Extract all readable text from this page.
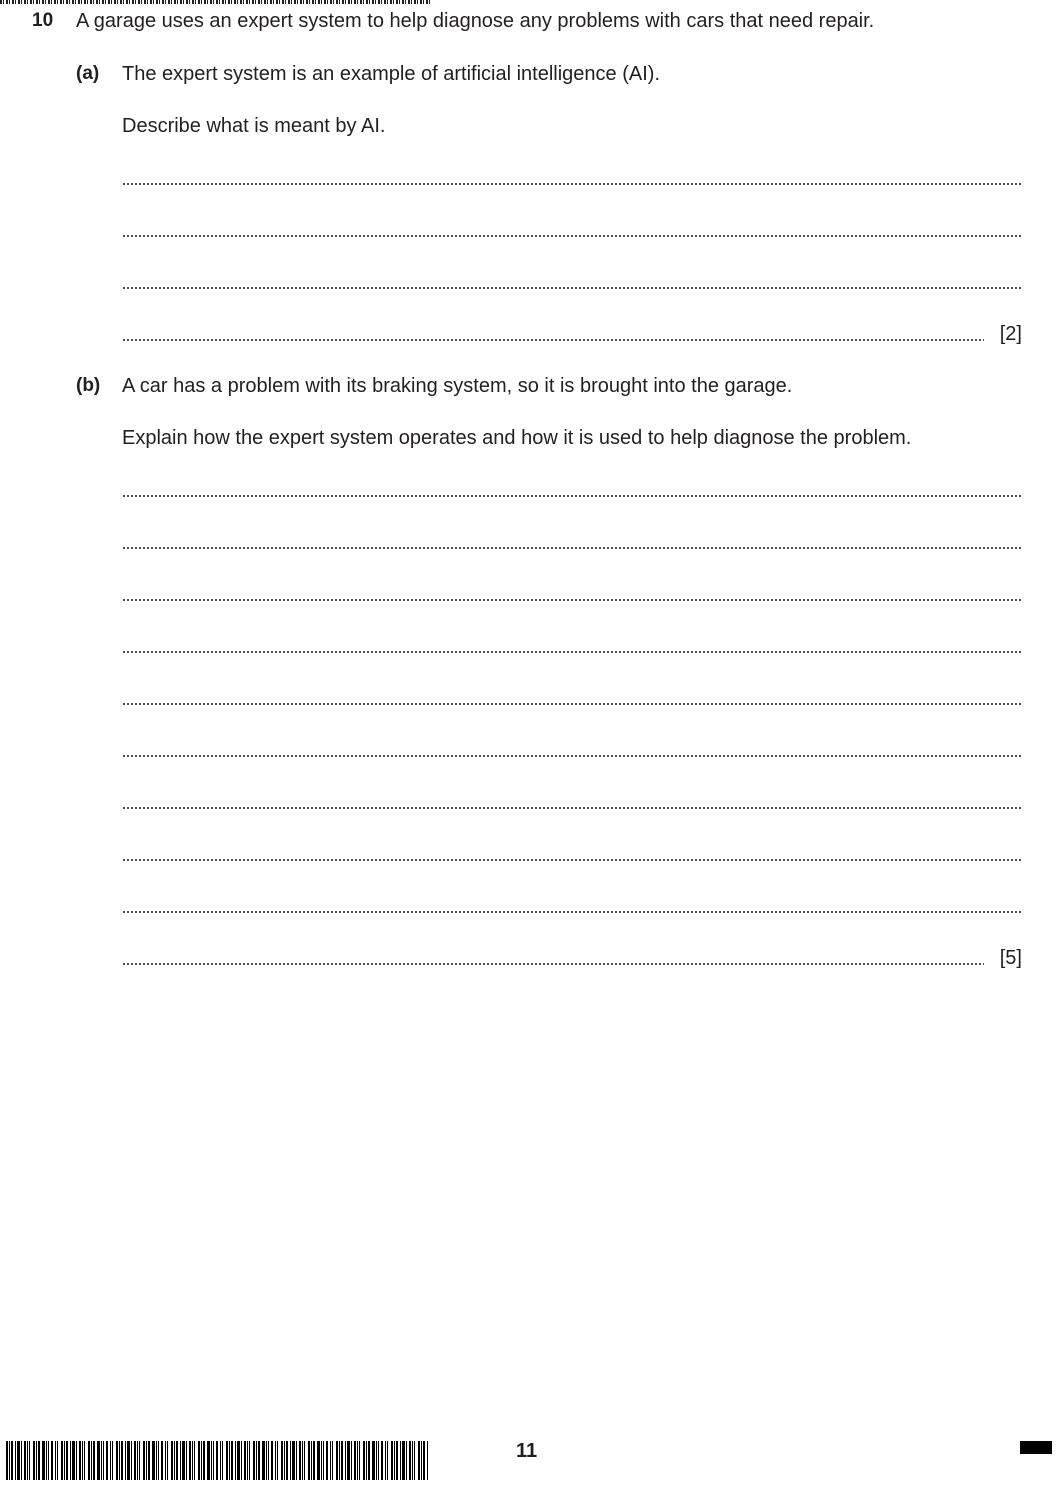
10 A garage uses an expert system to help diagnose any problems with cars that need repair.
(a) The expert system is an example of artificial intelligence (AI).
Describe what is meant by AI.
[2]
(b) A car has a problem with its braking system, so it is brought into the garage.
Explain how the expert system operates and how it is used to help diagnose the problem.
[5]
11
